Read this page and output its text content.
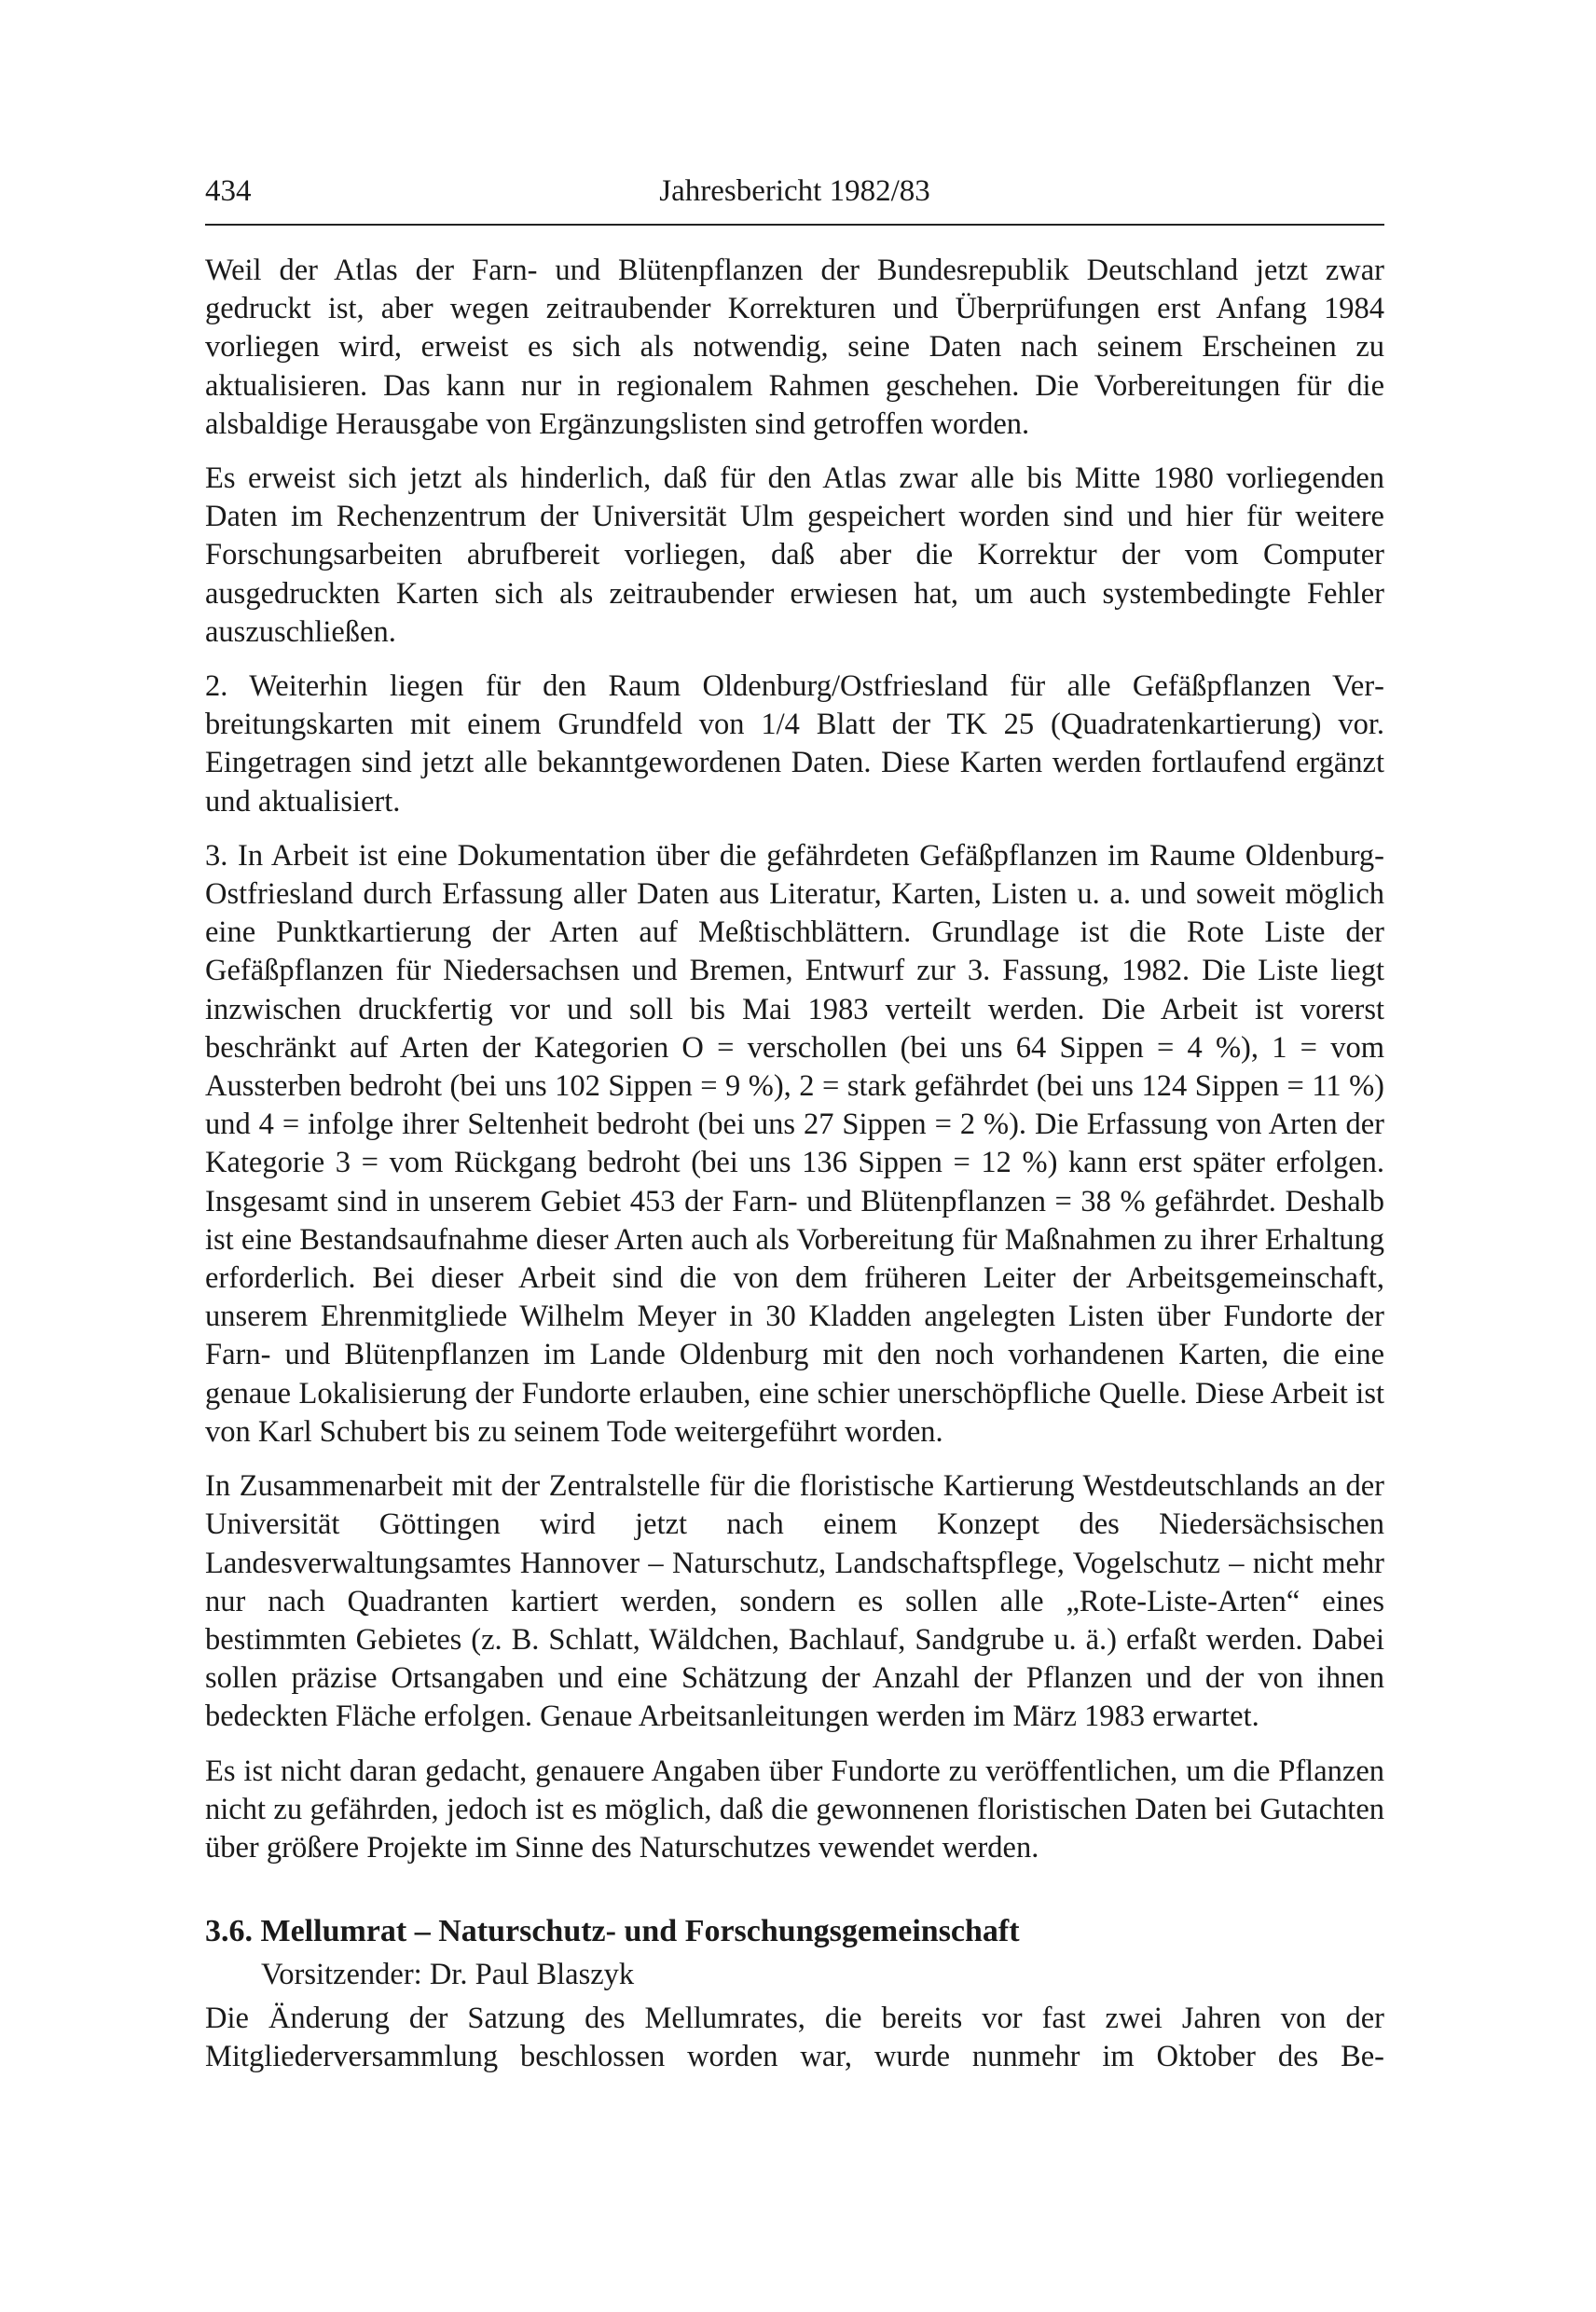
434	Jahresbericht 1982/83

Weil der Atlas der Farn- und Blütenpflanzen der Bundesrepublik Deutschland jetzt zwar gedruckt ist, aber wegen zeitraubender Korrekturen und Überprüfungen erst Anfang 1984 vorliegen wird, erweist es sich als notwendig, seine Daten nach seinem Erscheinen zu aktualisieren. Das kann nur in regionalem Rahmen geschehen. Die Vorbereitungen für die alsbaldige Herausgabe von Ergänzungslisten sind getroffen worden.

Es erweist sich jetzt als hinderlich, daß für den Atlas zwar alle bis Mitte 1980 vorliegenden Daten im Rechenzentrum der Universität Ulm gespeichert worden sind und hier für weitere Forschungsarbeiten abrufbereit vorliegen, daß aber die Korrektur der vom Computer ausgedruckten Karten sich als zeitraubender erwiesen hat, um auch systembedingte Fehler auszuschließen.

2. Weiterhin liegen für den Raum Oldenburg/Ostfriesland für alle Gefäßpflanzen Verbreitungskarten mit einem Grundfeld von 1/4 Blatt der TK 25 (Quadratenkartierung) vor. Eingetragen sind jetzt alle bekanntgewordenen Daten. Diese Karten werden fortlaufend ergänzt und aktualisiert.

3. In Arbeit ist eine Dokumentation über die gefährdeten Gefäßpflanzen im Raume Oldenburg-Ostfriesland durch Erfassung aller Daten aus Literatur, Karten, Listen u. a. und soweit möglich eine Punktkartierung der Arten auf Meßtischblättern. Grundlage ist die Rote Liste der Gefäßpflanzen für Niedersachsen und Bremen, Entwurf zur 3. Fassung, 1982. Die Liste liegt inzwischen druckfertig vor und soll bis Mai 1983 verteilt werden. Die Arbeit ist vorerst beschränkt auf Arten der Kategorien O = verschollen (bei uns 64 Sippen = 4 %), 1 = vom Aussterben bedroht (bei uns 102 Sippen = 9 %), 2 = stark gefährdet (bei uns 124 Sippen = 11 %) und 4 = infolge ihrer Seltenheit bedroht (bei uns 27 Sippen = 2 %). Die Erfassung von Arten der Kategorie 3 = vom Rückgang bedroht (bei uns 136 Sippen = 12 %) kann erst später erfolgen. Insgesamt sind in unserem Gebiet 453 der Farn- und Blütenpflanzen = 38 % gefährdet. Deshalb ist eine Bestandsaufnahme dieser Arten auch als Vorbereitung für Maßnahmen zu ihrer Erhaltung erforderlich. Bei dieser Arbeit sind die von dem früheren Leiter der Arbeitsgemeinschaft, unserem Ehrenmitgliede Wilhelm Meyer in 30 Kladden angelegten Listen über Fundorte der Farn- und Blütenpflanzen im Lande Oldenburg mit den noch vorhandenen Karten, die eine genaue Lokalisierung der Fundorte erlauben, eine schier unerschöpfliche Quelle. Diese Arbeit ist von Karl Schubert bis zu seinem Tode weitergeführt worden.

In Zusammenarbeit mit der Zentralstelle für die floristische Kartierung Westdeutschlands an der Universität Göttingen wird jetzt nach einem Konzept des Niedersächsischen Landesverwaltungsamtes Hannover – Naturschutz, Landschaftspflege, Vogelschutz – nicht mehr nur nach Quadranten kartiert werden, sondern es sollen alle „Rote-Liste-Arten“ eines bestimmten Gebietes (z. B. Schlatt, Wäldchen, Bachlauf, Sandgrube u. ä.) erfaßt werden. Dabei sollen präzise Ortsangaben und eine Schätzung der Anzahl der Pflanzen und der von ihnen bedeckten Fläche erfolgen. Genaue Arbeitsanleitungen werden im März 1983 erwartet.

Es ist nicht daran gedacht, genauere Angaben über Fundorte zu veröffentlichen, um die Pflanzen nicht zu gefährden, jedoch ist es möglich, daß die gewonnenen floristischen Daten bei Gutachten über größere Projekte im Sinne des Naturschutzes vewendet werden.

3.6. Mellumrat – Naturschutz- und Forschungsgemeinschaft
Vorsitzender: Dr. Paul Blaszyk

Die Änderung der Satzung des Mellumrates, die bereits vor fast zwei Jahren von der Mitgliederversammlung beschlossen worden war, wurde nunmehr im Oktober des Be-
